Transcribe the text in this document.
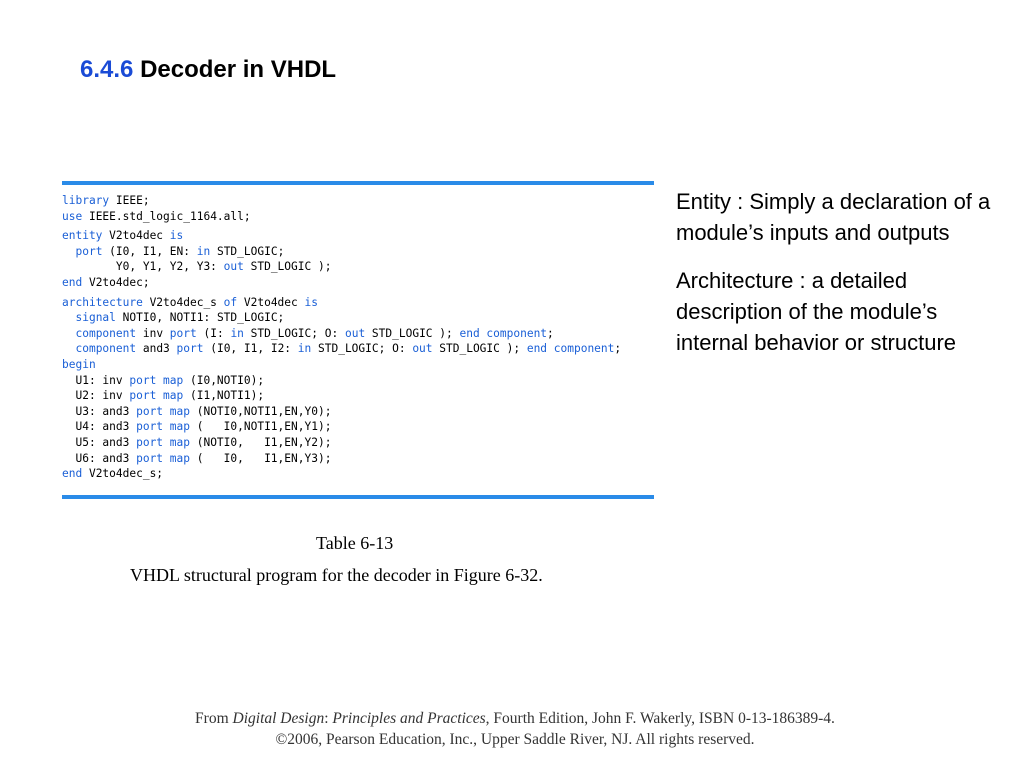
6.4.6 Decoder in VHDL
library IEEE;
use IEEE.std_logic_1164.all;
entity V2to4dec is
port (I0, I1, EN: in STD_LOGIC;
Y0, Y1, Y2, Y3: out STD_LOGIC );
end V2to4dec;
architecture V2to4dec_s of V2to4dec is
signal NOTI0, NOTI1: STD_LOGIC;
component inv port (I: in STD_LOGIC; O: out STD_LOGIC ); end component;
component and3 port (I0, I1, I2: in STD_LOGIC; O: out STD_LOGIC ); end component;
begin
U1: inv port map (I0,NOTI0);
U2: inv port map (I1,NOTI1);
U3: and3 port map (NOTI0,NOTI1,EN,Y0);
U4: and3 port map (   I0,NOTI1,EN,Y1);
U5: and3 port map (NOTI0,   I1,EN,Y2);
U6: and3 port map (   I0,   I1,EN,Y3);
end V2to4dec_s;
Table 6-13
VHDL structural program for the decoder in Figure 6-32.

Entity : Simply a declaration of a module’s inputs and outputs

Architecture : a detailed description of the module’s internal behavior or structure

From Digital Design: Principles and Practices, Fourth Edition, John F. Wakerly, ISBN 0-13-186389-4.
©2006, Pearson Education, Inc., Upper Saddle River, NJ. All rights reserved.
